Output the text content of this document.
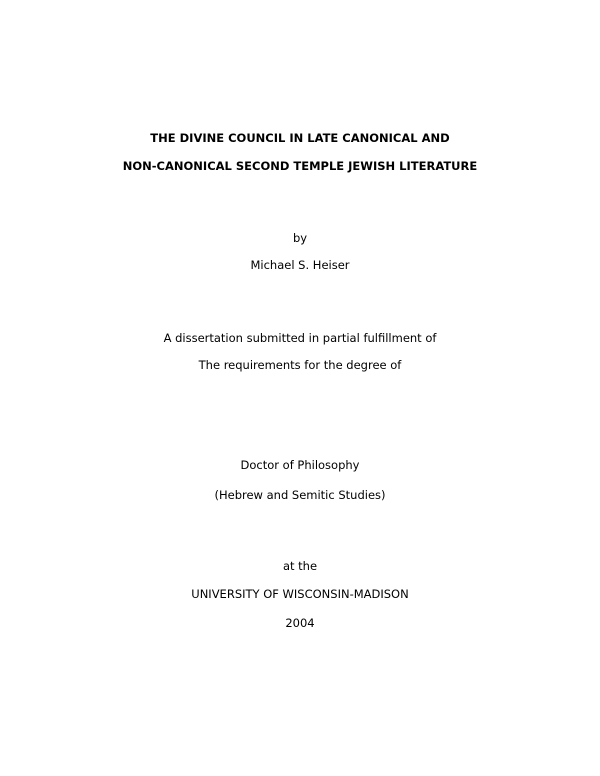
THE DIVINE COUNCIL IN LATE CANONICAL AND
NON-CANONICAL SECOND TEMPLE JEWISH LITERATURE
by
Michael S. Heiser
A dissertation submitted in partial fulfillment of
The requirements for the degree of
Doctor of Philosophy
(Hebrew and Semitic Studies)
at the
UNIVERSITY OF WISCONSIN-MADISON
2004
